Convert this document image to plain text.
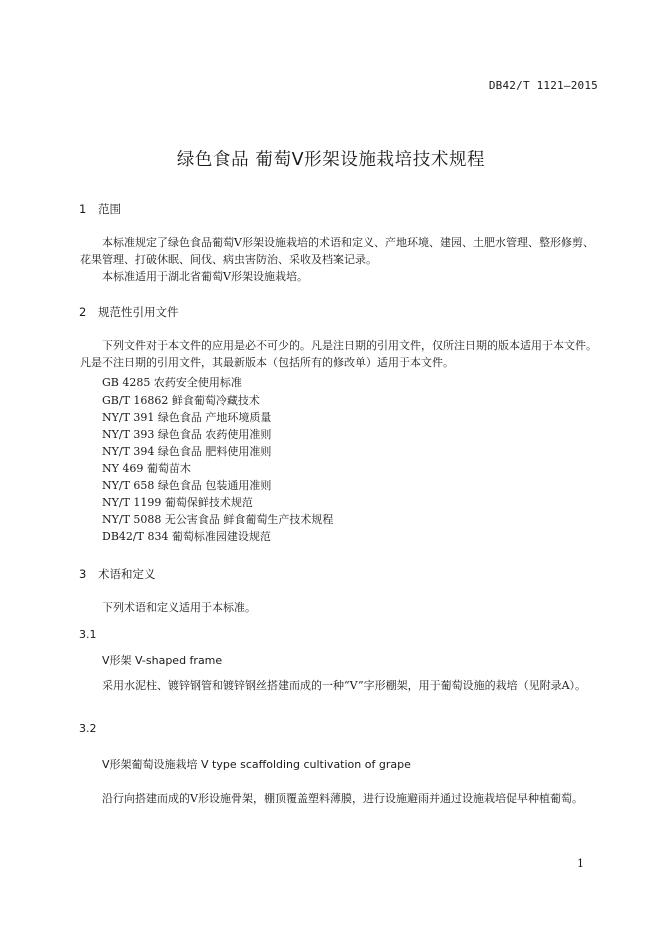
DB42/T 1121—2015
绿色食品 葡萄V形架设施栽培技术规程
1 范围

本标准规定了绿色食品葡萄V形架设施栽培的术语和定义、产地环境、建园、土肥水管理、整形修剪、花果管理、打破休眠、间伐、病虫害防治、采收及档案记录。

本标准适用于湖北省葡萄V形架设施栽培。

2 规范性引用文件

下列文件对于本文件的应用是必不可少的。凡是注日期的引用文件，仅所注日期的版本适用于本文件。凡是不注日期的引用文件，其最新版本（包括所有的修改单）适用于本文件。

GB 4285 农药安全使用标准
GB/T 16862 鲜食葡萄冷藏技术
NY/T 391 绿色食品 产地环境质量
NY/T 393 绿色食品 农药使用准则
NY/T 394 绿色食品 肥料使用准则
NY 469 葡萄苗木
NY/T 658 绿色食品 包装通用准则
NY/T 1199 葡萄保鲜技术规范
NY/T 5088 无公害食品 鲜食葡萄生产技术规程
DB42/T 834 葡萄标准园建设规范
3 术语和定义

下列术语和定义适用于本标准。

3.1
V形架 V-shaped frame

采用水泥柱、镀锌钢管和镀锌钢丝搭建而成的一种“V”字形棚架，用于葡萄设施的栽培（见附录A）。

3.2
V形架葡萄设施栽培 V type scaffolding cultivation of grape

沿行向搭建而成的V形设施骨架，棚顶覆盖塑料薄膜，进行设施避雨并通过设施栽培促早种植葡萄。

1
